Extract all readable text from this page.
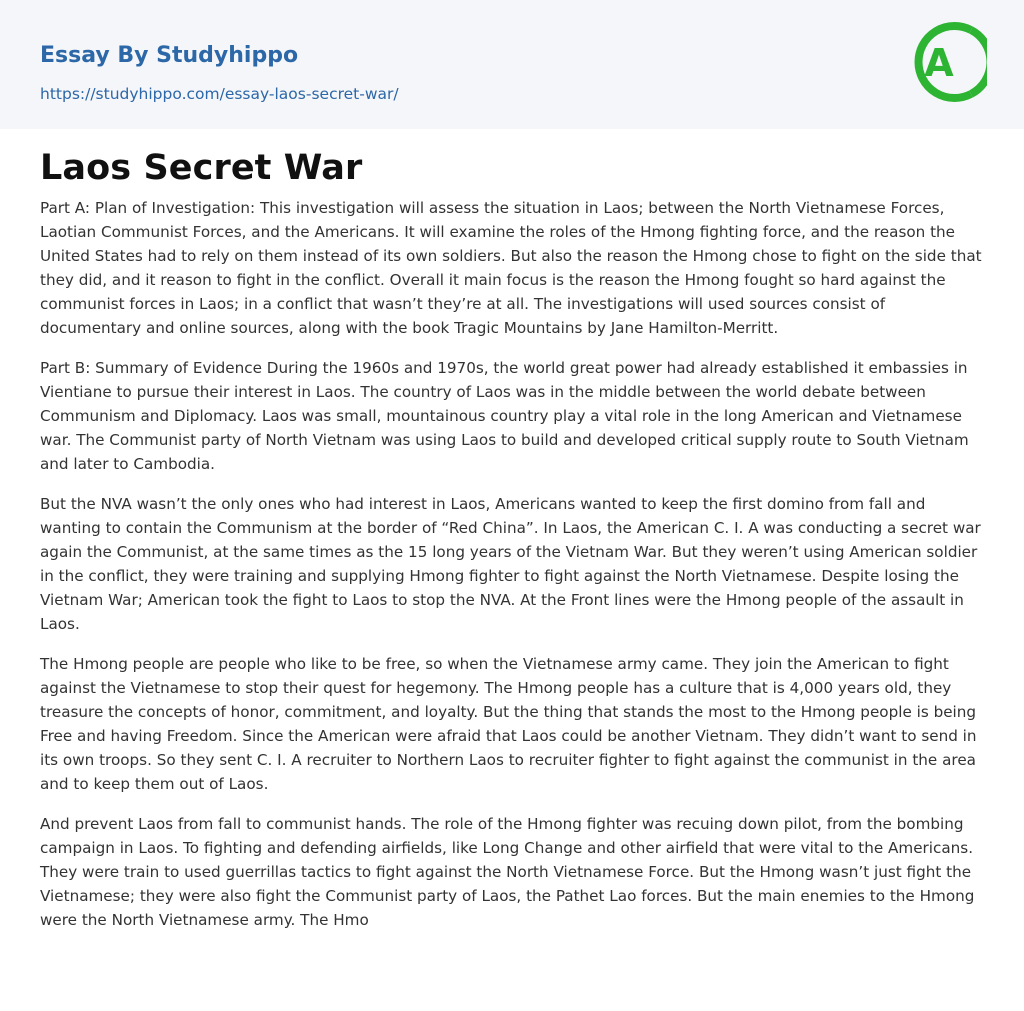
Essay By Studyhippo
https://studyhippo.com/essay-laos-secret-war/
A
Laos Secret War

Part A: Plan of Investigation: This investigation will assess the situation in Laos; between the North Vietnamese Forces, Laotian Communist Forces, and the Americans. It will examine the roles of the Hmong fighting force, and the reason the United States had to rely on them instead of its own soldiers. But also the reason the Hmong chose to fight on the side that they did, and it reason to fight in the conflict. Overall it main focus is the reason the Hmong fought so hard against the communist forces in Laos; in a conflict that wasn’t they’re at all. The investigations will used sources consist of documentary and online sources, along with the book Tragic Mountains by Jane Hamilton-Merritt.

Part B: Summary of Evidence During the 1960s and 1970s, the world great power had already established it embassies in Vientiane to pursue their interest in Laos. The country of Laos was in the middle between the world debate between Communism and Diplomacy. Laos was small, mountainous country play a vital role in the long American and Vietnamese war. The Communist party of North Vietnam was using Laos to build and developed critical supply route to South Vietnam and later to Cambodia.

But the NVA wasn’t the only ones who had interest in Laos, Americans wanted to keep the first domino from fall and wanting to contain the Communism at the border of “Red China”. In Laos, the American C. I. A was conducting a secret war again the Communist, at the same times as the 15 long years of the Vietnam War. But they weren’t using American soldier in the conflict, they were training and supplying Hmong fighter to fight against the North Vietnamese. Despite losing the Vietnam War; American took the fight to Laos to stop the NVA. At the Front lines were the Hmong people of the assault in Laos.

The Hmong people are people who like to be free, so when the Vietnamese army came. They join the American to fight against the Vietnamese to stop their quest for hegemony. The Hmong people has a culture that is 4,000 years old, they treasure the concepts of honor, commitment, and loyalty. But the thing that stands the most to the Hmong people is being Free and having Freedom. Since the American were afraid that Laos could be another Vietnam. They didn’t want to send in its own troops. So they sent C. I. A recruiter to Northern Laos to recruiter fighter to fight against the communist in the area and to keep them out of Laos.

And prevent Laos from fall to communist hands. The role of the Hmong fighter was recuing down pilot, from the bombing campaign in Laos. To fighting and defending airfields, like Long Change and other airfield that were vital to the Americans. They were train to used guerrillas tactics to fight against the North Vietnamese Force. But the Hmong wasn’t just fight the Vietnamese; they were also fight the Communist party of Laos, the Pathet Lao forces. But the main enemies to the Hmong were the North Vietnamese army. The Hmo
